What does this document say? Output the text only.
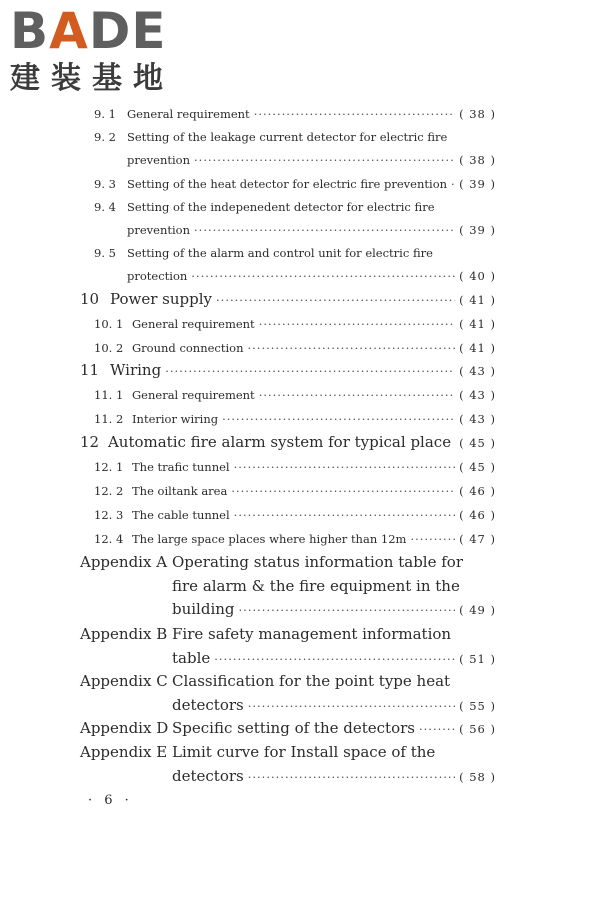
BADE
建装基地
9. 1 General requirement ·····	( 38 )
9. 2 Setting of the leakage current detector for electric fire
prevention ·····	( 38 )
9. 3 Setting of the heat detector for electric fire prevention ····· ( 39 )
9. 4 Setting of the indepenedent detector for electric fire
prevention ·····	( 39 )
9. 5 Setting of the alarm and control unit for electric fire
protection ·····	( 40 )
10 Power supply ·····	( 41 )
10. 1 General requirement ·····	( 41 )
10. 2 Ground connection ·····	( 41 )
11 Wiring ·····	( 43 )
11. 1 General requirement ·····	( 43 )
11. 2 Interior wiring ·····	( 43 )
12 Automatic fire alarm system for typical place ( 45 )
12. 1 The trafic tunnel ·····	( 45 )
12. 2 The oiltank area ·····	( 46 )
12. 3 The cable tunnel ·····	( 46 )
12. 4 The large space places where higher than 12m ·····	( 47 )
Appendix A Operating status information table for
fire alarm & the fire equipment in the
building ·····	( 49 )
Appendix B Fire safety management information
table ·····	( 51 )
Appendix C Classification for the point type heat
detectors ·····	( 55 )
Appendix D Specific setting of the detectors ·····	( 56 )
Appendix E Limit curve for Install space of the
detectors ·····	( 58 )
· 6 ·
